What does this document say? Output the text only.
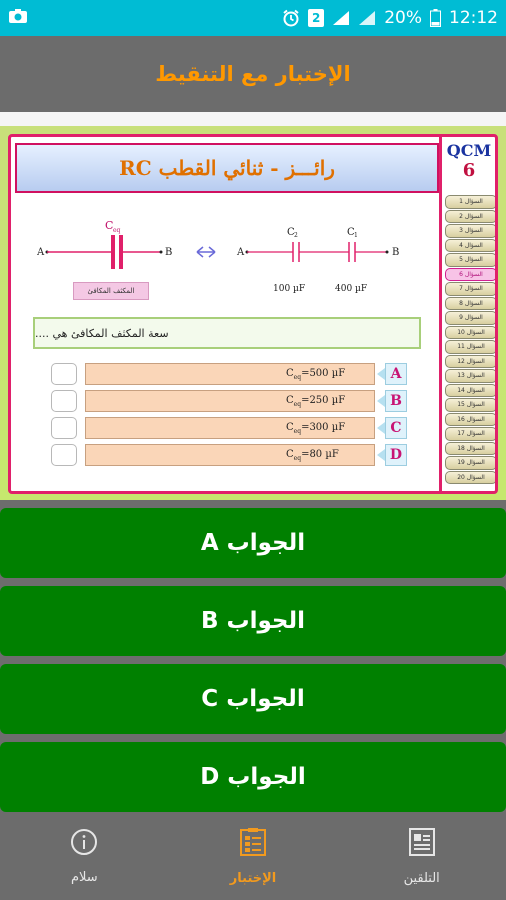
2	20% 12:12
الإختبار مع التنقيط
رائـــز - ثنائي القطب RC
QCM
6
السؤال 1
السؤال 2
السؤال 3
السؤال 4
السؤال 5
السؤال 6
السؤال 7
السؤال 8
السؤال 9
السؤال 10
السؤال 11
السؤال 12
السؤال 13
السؤال 14
السؤال 15
السؤال 16
السؤال 17
السؤال 18
السؤال 19
السؤال 20
A	B
C eq
A	B
C 2	C 1
100 µF	400 µF
المكثف المكافئ
سعة المكثف المكافئ هي ....
$C_{eq}=500$ µF	A
$C_{eq}=250$ µF	B
$C_{eq}=300$ µF	C
$C_{eq}=80$ µF	D
الجواب A
الجواب B
الجواب C
الجواب D
سلام	الإختبار	التلقين
